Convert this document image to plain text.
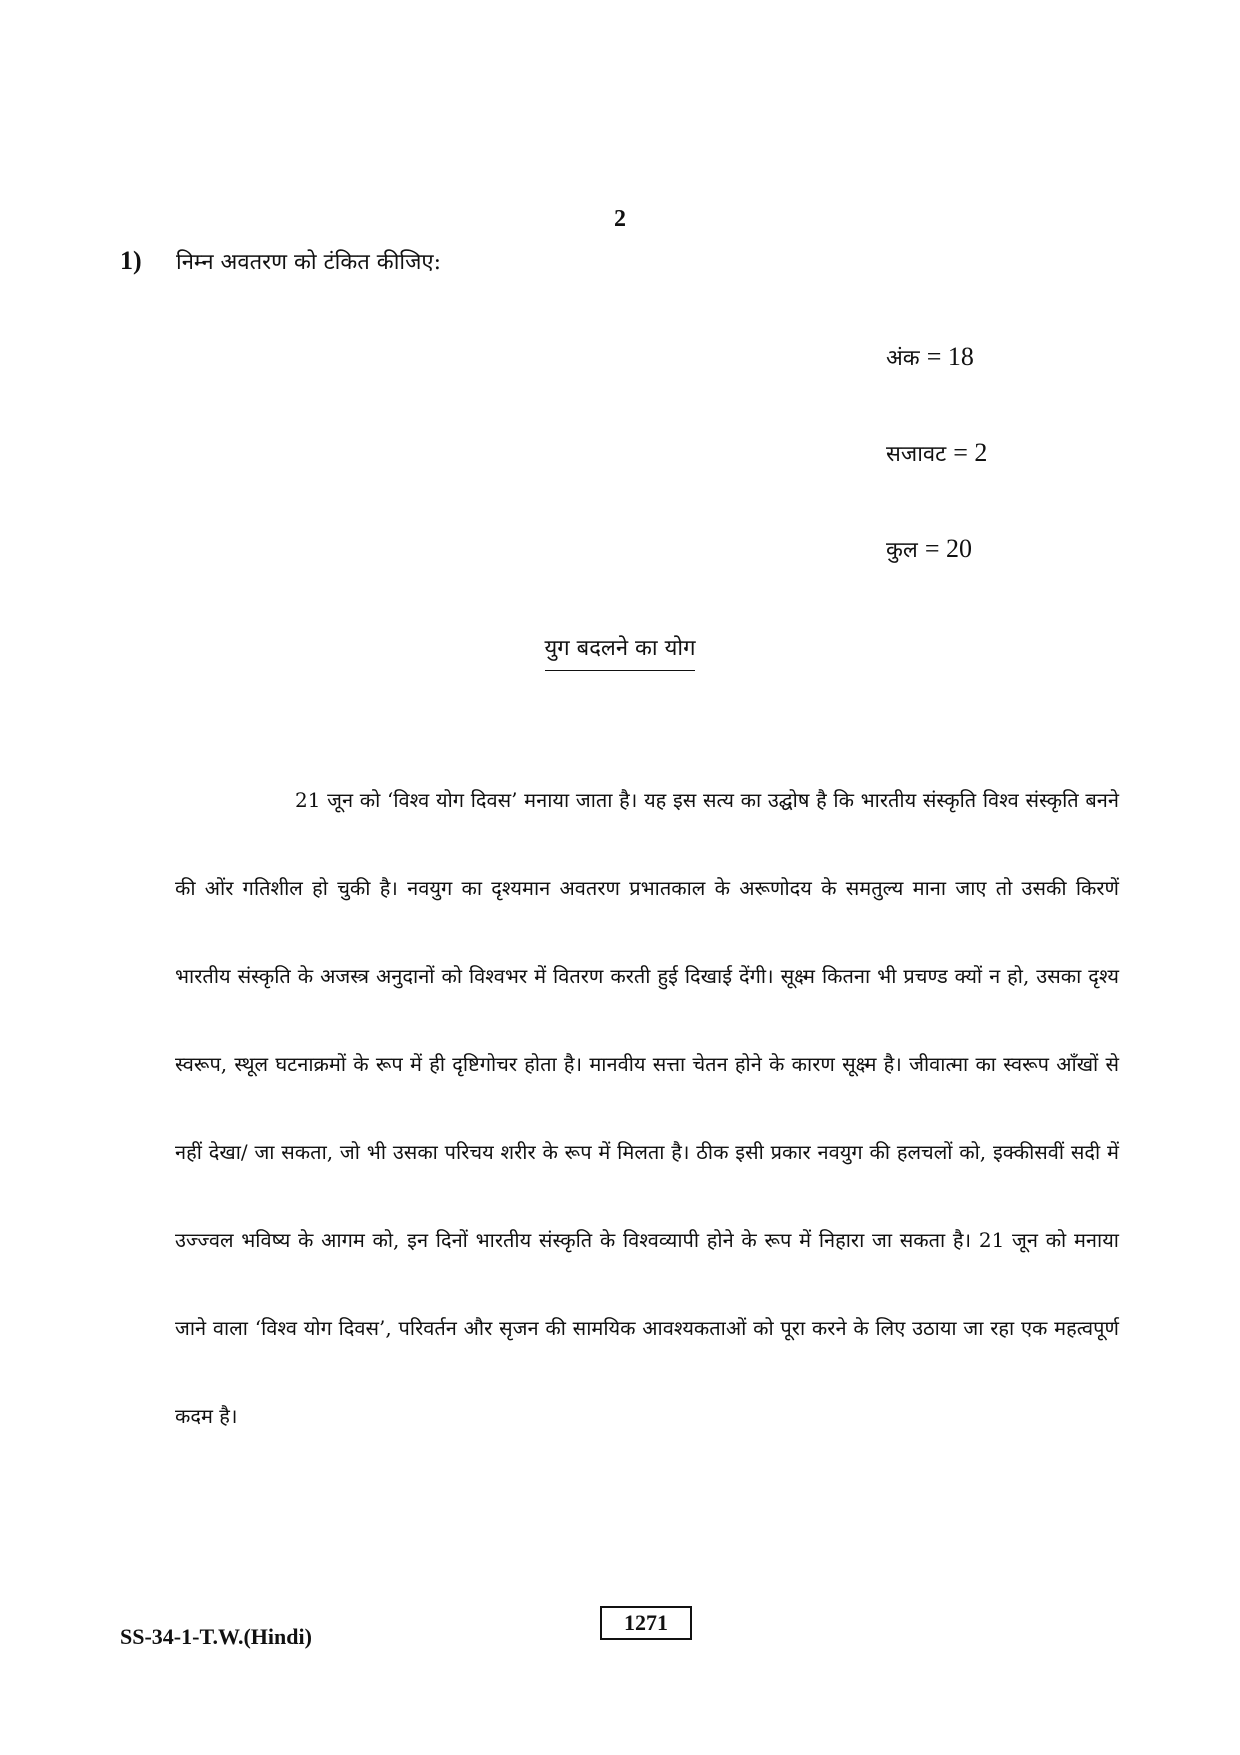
2
1)	निम्न अवतरण को टंकित कीजिए:
अंक = 18
सजावट = 2
कुल = 20
युग बदलने का योग

21 जून को ‘विश्व योग दिवस’ मनाया जाता है। यह इस सत्य का उद्घोष है कि भारतीय संस्कृति विश्व संस्कृति बनने की ओंर गतिशील हो चुकी है। नवयुग का दृश्यमान अवतरण प्रभातकाल के अरूणोदय के समतुल्य माना जाए तो उसकी किरणें भारतीय संस्कृति के अजस्त्र अनुदानों को विश्वभर में वितरण करती हुई दिखाई देंगी। सूक्ष्म कितना भी प्रचण्ड क्यों न हो, उसका दृश्य स्वरूप, स्थूल घटनाक्रमों के रूप में ही दृष्टिगोचर होता है। मानवीय सत्ता चेतन होने के कारण सूक्ष्म है। जीवात्मा का स्वरूप आँखों से नहीं देखा/ जा सकता, जो भी उसका परिचय शरीर के रूप में मिलता है। ठीक इसी प्रकार नवयुग की हलचलों को, इक्कीसवीं सदी में उज्ज्वल भविष्य के आगम को, इन दिनों भारतीय संस्कृति के विश्वव्यापी होने के रूप में निहारा जा सकता है। 21 जून को मनाया जाने वाला ‘विश्व योग दिवस’, परिवर्तन और सृजन की सामयिक आवश्यकताओं को पूरा करने के लिए उठाया जा रहा एक महत्वपूर्ण कदम है।

SS-34-1-T.W.(Hindi)
1271
